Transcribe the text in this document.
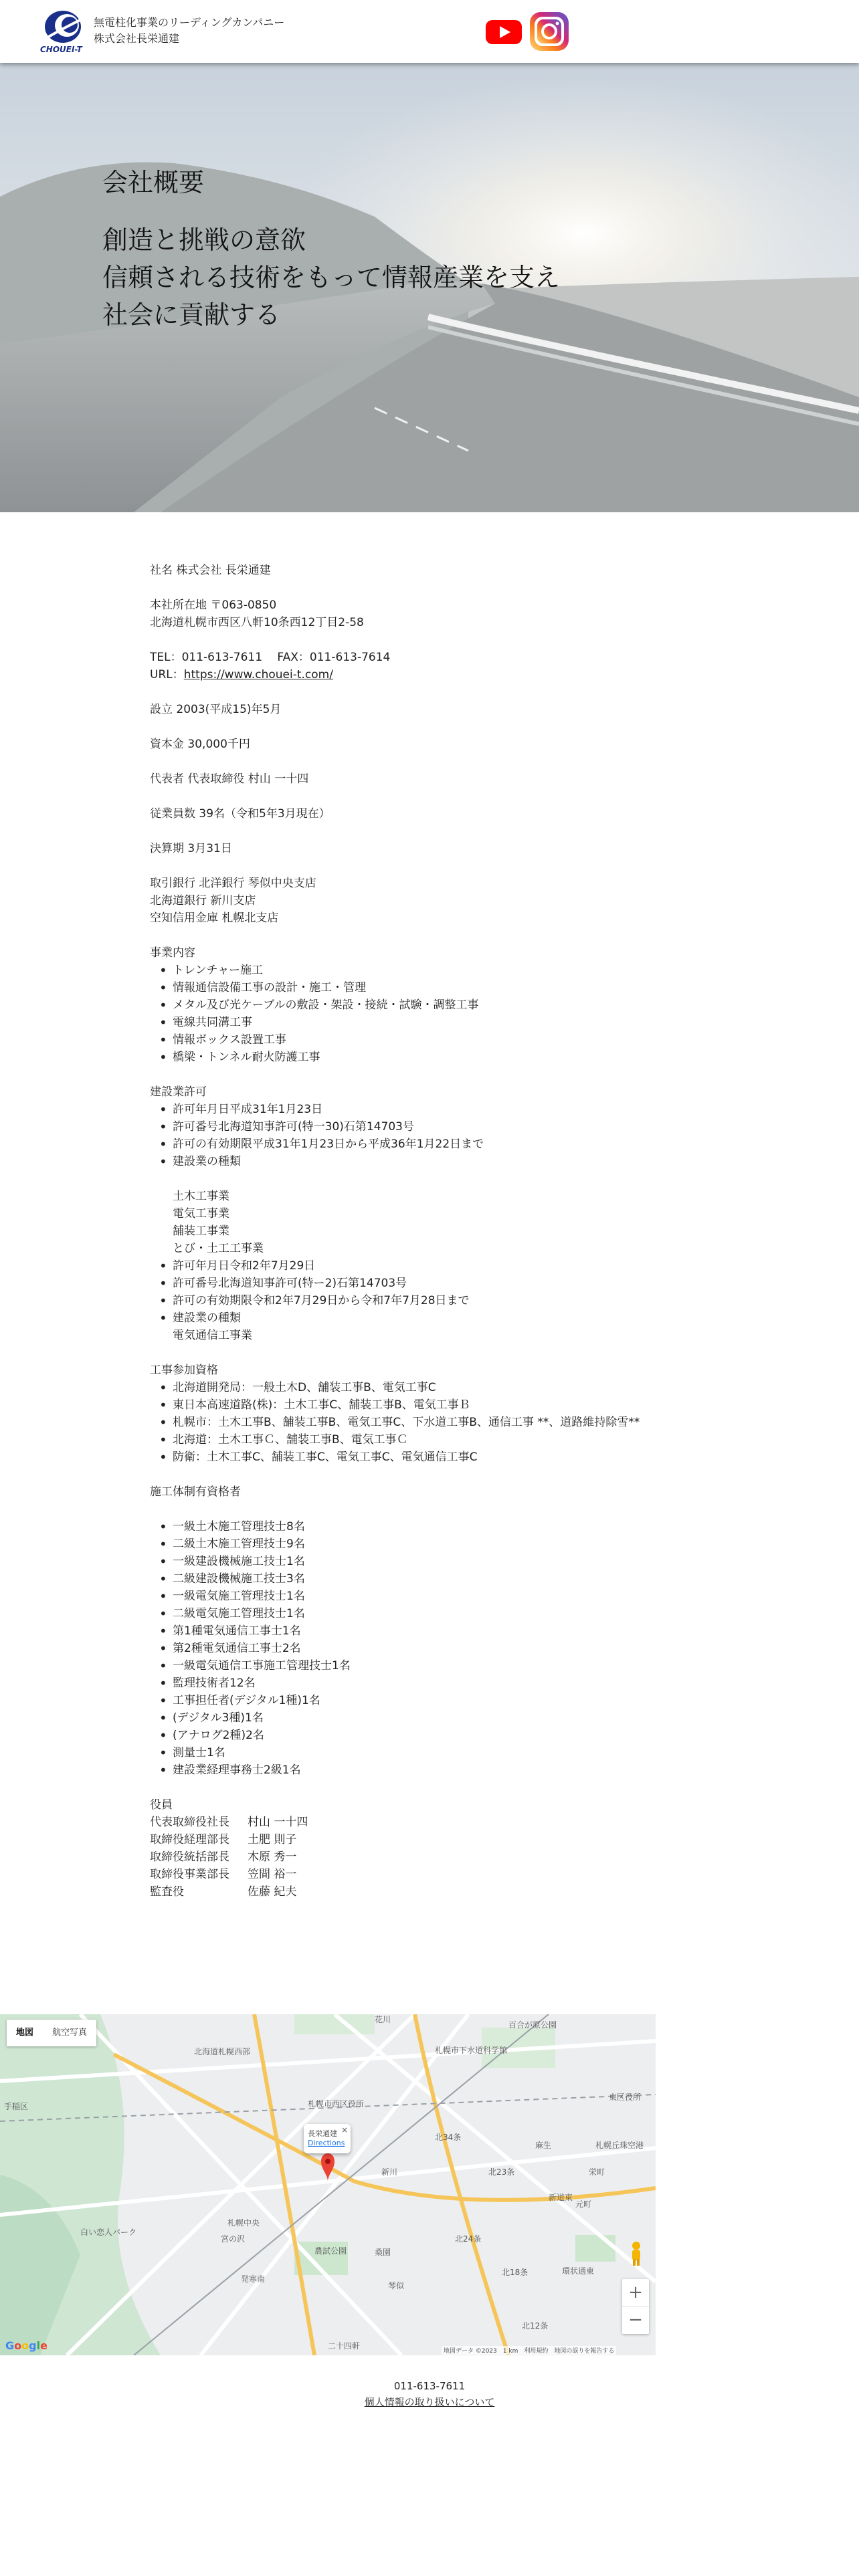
CHOUEI-T
無電柱化事業のリーディングカンパニー
株式会社長栄通建
会社概要
創造と挑戦の意欲
信頼される技術をもって情報産業を支え
社会に貢献する

社名 株式会社 長栄通建

本社所在地 〒063-0850

北海道札幌市西区八軒10条西12丁目2-58

TEL：011-613-7611　 FAX：011-613-7614

URL：https://www.chouei-t.com/

設立 2003(平成15)年5月

資本金 30,000千円

代表者 代表取締役 村山 一十四

従業員数 39名（令和5年3月現在）

決算期 3月31日

取引銀行 北洋銀行 琴似中央支店

北海道銀行 新川支店

空知信用金庫 札幌北支店

事業内容

• トレンチャー施工
• 情報通信設備工事の設計・施工・管理
• メタル及び光ケーブルの敷設・架設・接続・試験・調整工事
• 電線共同溝工事
• 情報ボックス設置工事
• 橋梁・トンネル耐火防護工事

建設業許可

• 許可年月日平成31年1月23日
• 許可番号北海道知事許可(特一30)石第14703号
• 許可の有効期限平成31年1月23日から平成36年1月22日まで
• 建設業の種類
土木工事業
電気工事業
舗装工事業
とび・土工工事業
• 許可年月日令和2年7月29日
• 許可番号北海道知事許可(特ー2)石第14703号
• 許可の有効期限令和2年7月29日から令和7年7月28日まで
• 建設業の種類
電気通信工事業

工事参加資格

• 北海道開発局：一般土木D、舗装工事B、電気工事C
• 東日本高速道路(株)：土木工事C、舗装工事B、電気工事Ｂ
• 札幌市：土木工事B、舗装工事B、電気工事C、下水道工事B、通信工事 **、道路維持除雪**
• 北海道：土木工事Ｃ、舗装工事B、電気工事Ｃ
• 防衛：土木工事C、舗装工事C、電気工事C、電気通信工事C

施工体制有資格者

• 一級土木施工管理技士8名
• 二級土木施工管理技士9名
• 一級建設機械施工技士1名
• 二級建設機械施工技士3名
• 一級電気施工管理技士1名
• 二級電気施工管理技士1名
• 第1種電気通信工事士1名
• 第2種電気通信工事士2名
• 一級電気通信工事施工管理技士1名
• 監理技術者12名
• 工事担任者(デジタル1種)1名
• (デジタル3種)1名
• (アナログ2種)2名
• 測量士1名
• 建設業経理事務士2級1名

役員

代表取締役社長	村山 一十四
取締役経理部長	土肥 則子
取締役統括部長	木原 秀一
取締役事業部長	笠間 裕一
監査役	佐藤 紀夫
手稲区
北海道札幌西部	札幌市下水道科学館
札幌市西区役所
新川
北34条
北24条
北23条
北18条
札幌中央
環状通東
東区役所
白い恋人パーク
宮の沢
発寒南
農試公園
二十四軒
琴似
麻生
元町
栄町
新道東
桑園
北12条
百合が原公園
花川
札幌丘珠空港
地図	航空写真
×
長栄通建
Directions
+
−
Google	地図データ ©2023　1 km　利用規約　地図の誤りを報告する
011-613-7611
個人情報の取り扱いについて
